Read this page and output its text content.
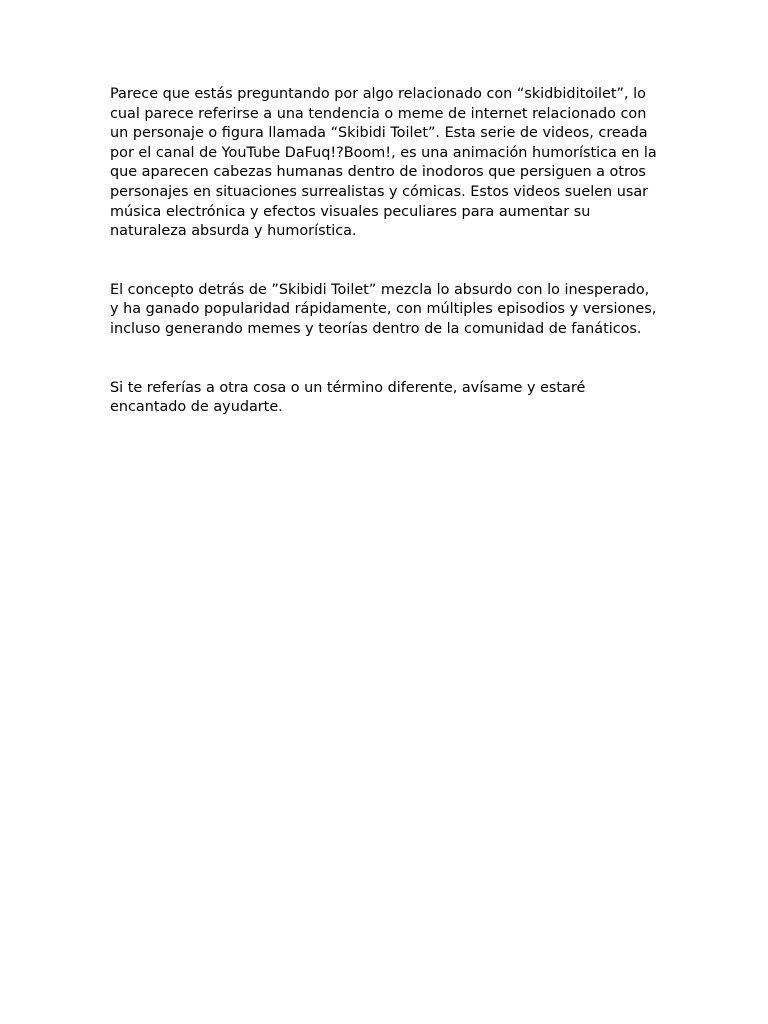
Parece que estás preguntando por algo relacionado con “skidbiditoilet”, lo cual parece referirse a una tendencia o meme de internet relacionado con un personaje o figura llamada “Skibidi Toilet”. Esta serie de videos, creada por el canal de YouTube DaFuq!?Boom!, es una animación humorística en la que aparecen cabezas humanas dentro de inodoros que persiguen a otros personajes en situaciones surrealistas y cómicas. Estos videos suelen usar música electrónica y efectos visuales peculiares para aumentar su naturaleza absurda y humorística.

El concepto detrás de ”Skibidi Toilet” mezcla lo absurdo con lo inesperado, y ha ganado popularidad rápidamente, con múltiples episodios y versiones, incluso generando memes y teorías dentro de la comunidad de fanáticos.

Si te referías a otra cosa o un término diferente, avísame y estaré encantado de ayudarte.
